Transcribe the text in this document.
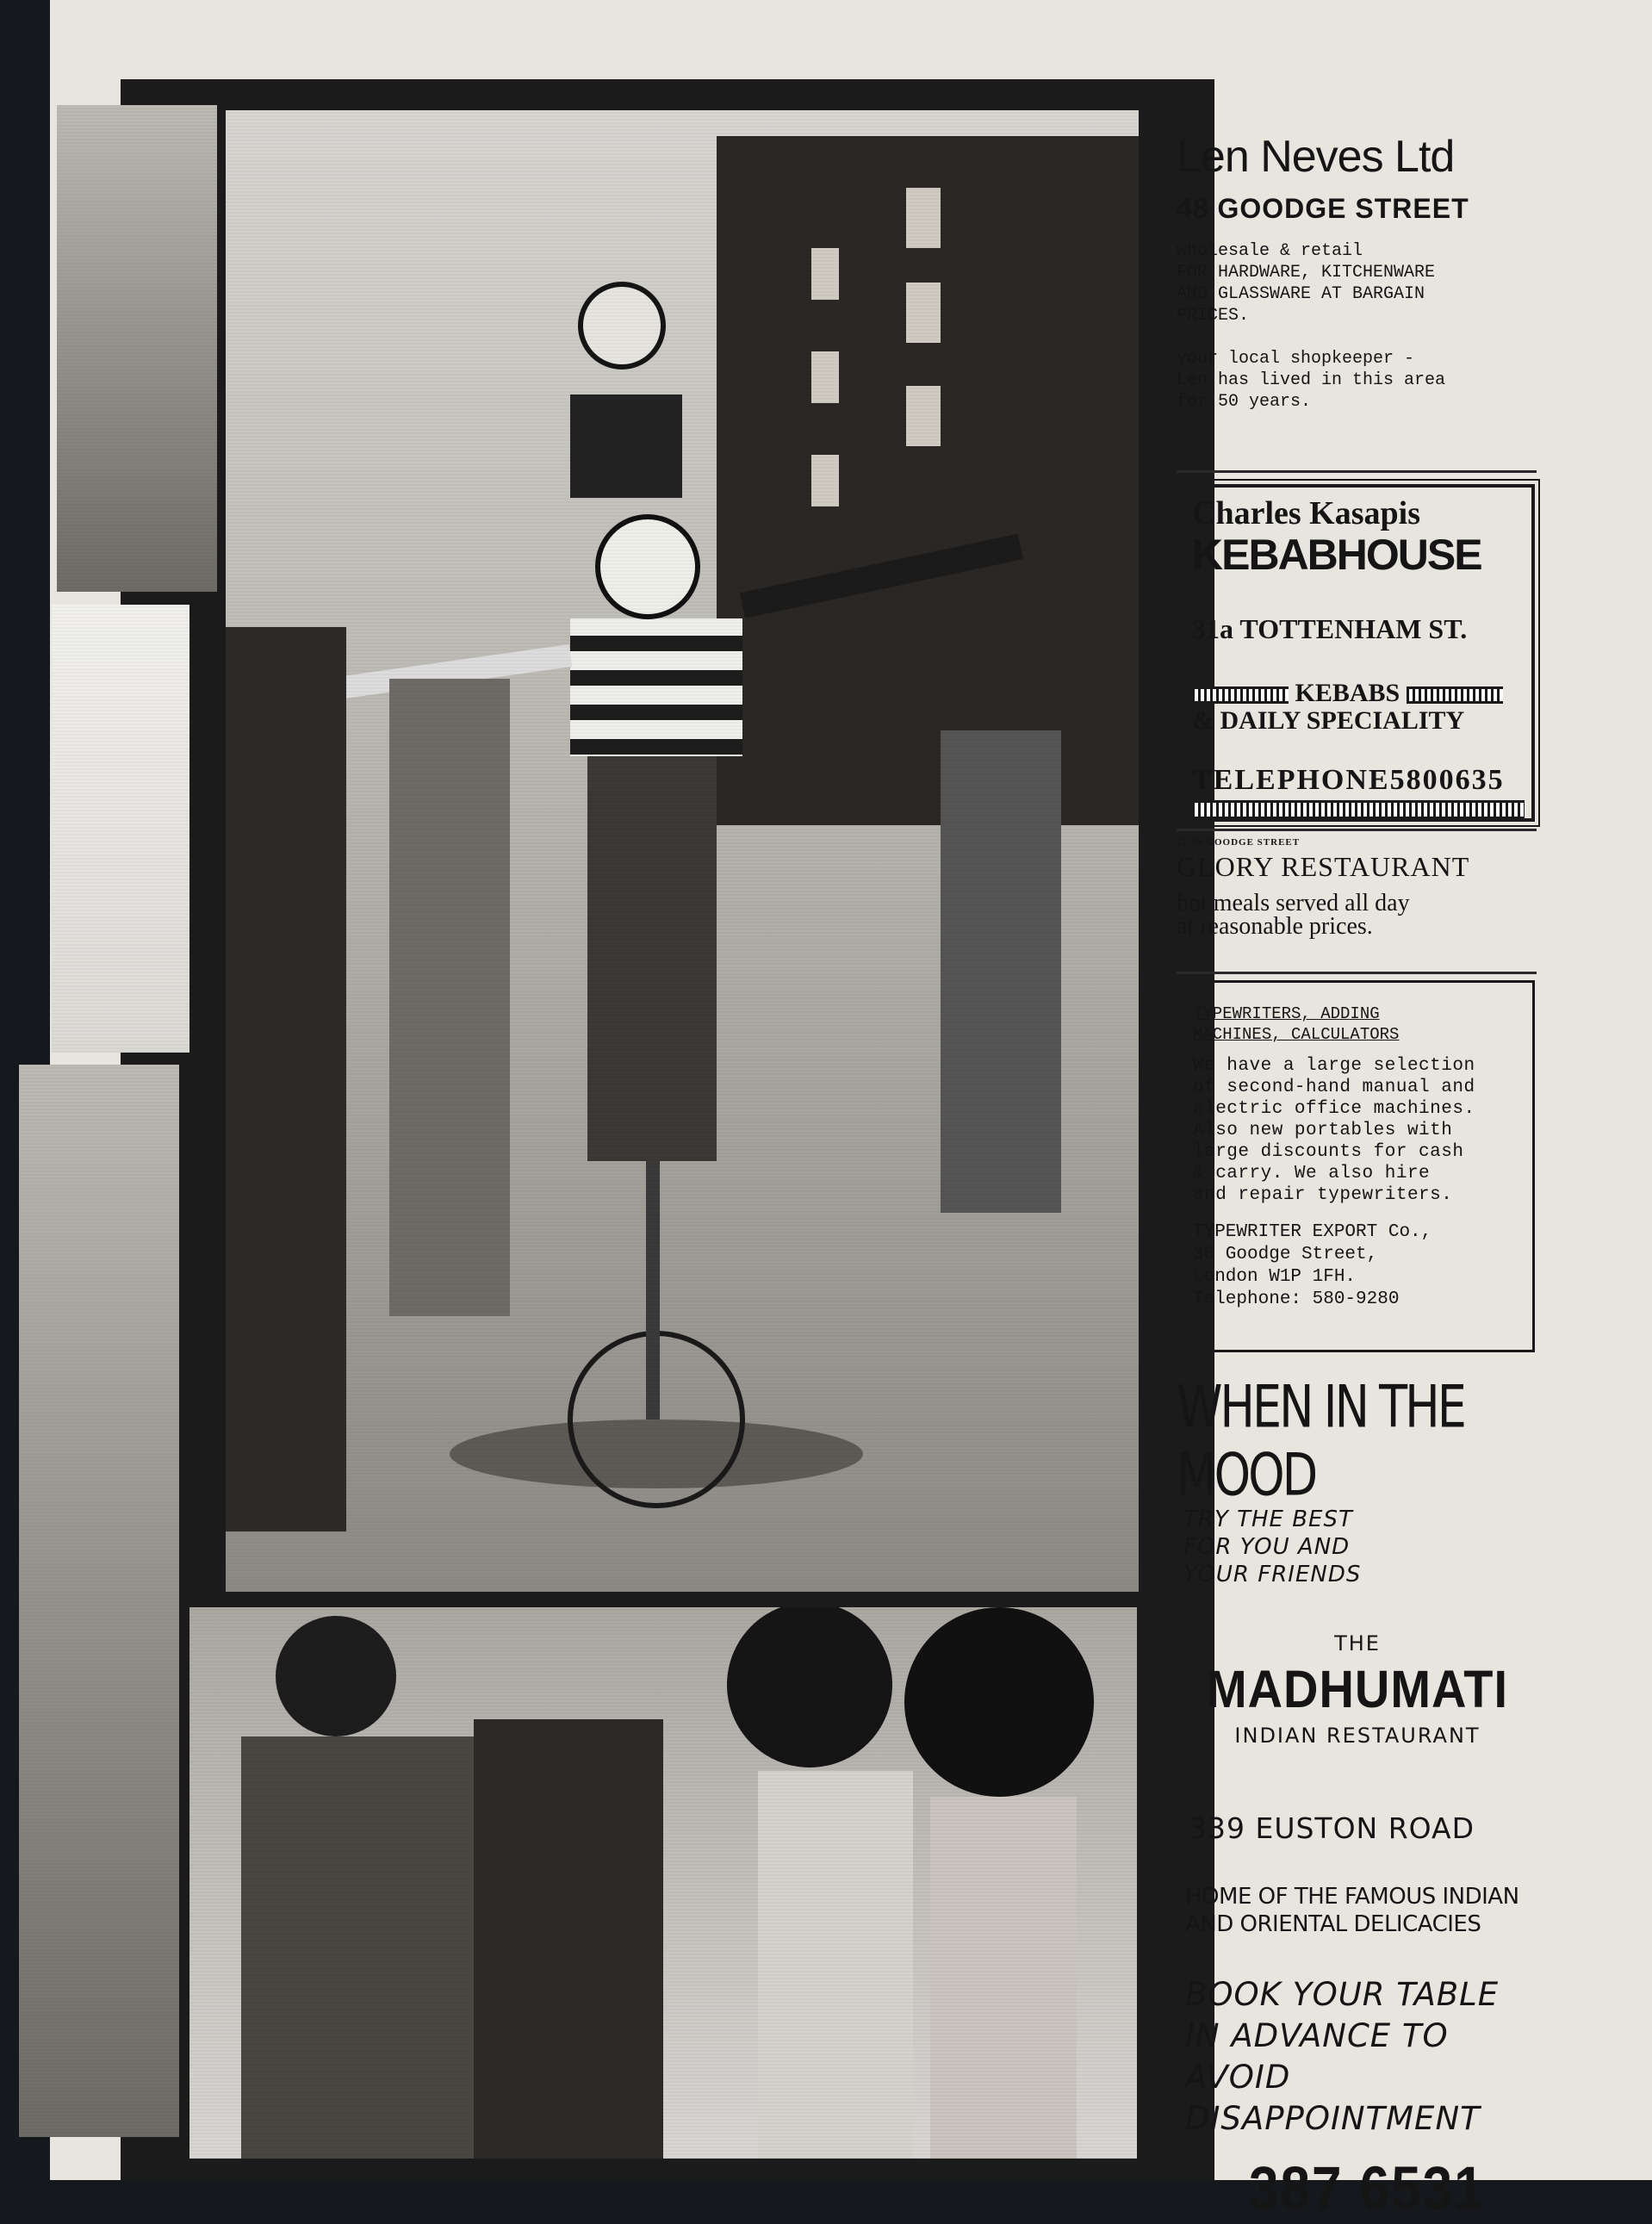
Len Neves Ltd
48 GOODGE STREET
wholesale & retail
FOR HARDWARE, KITCHENWARE
AND GLASSWARE AT BARGAIN
PRICES.

your local shopkeeper -
Len has lived in this area
for 50 years.
Charles Kasapis
KEBABHOUSE
31a TOTTENHAM ST.
KEBABS
& DAILY SPECIALITY
TELEPHONE5800635
57-59 GOODGE STREET
GLORY RESTAURANT
hot meals served all day
at reasonable prices.
TYPEWRITERS, ADDING
MACHINES, CALCULATORS
We have a large selection
of second-hand manual and
electric office machines.
Also new portables with
large discounts for cash
& carry. We also hire
and repair typewriters.
TYPEWRITER EXPORT Co.,
30 Goodge Street,
London W1P 1FH.
Telephone: 580-9280
WHEN IN THE MOOD
TRY THE BEST
FOR YOU AND
YOUR FRIENDS
THE
MADHUMATI
INDIAN RESTAURANT
339 EUSTON ROAD
HOME OF THE FAMOUS INDIAN
AND ORIENTAL DELICACIES
BOOK YOUR TABLE
IN ADVANCE TO AVOID
DISAPPOINTMENT
387 6531
